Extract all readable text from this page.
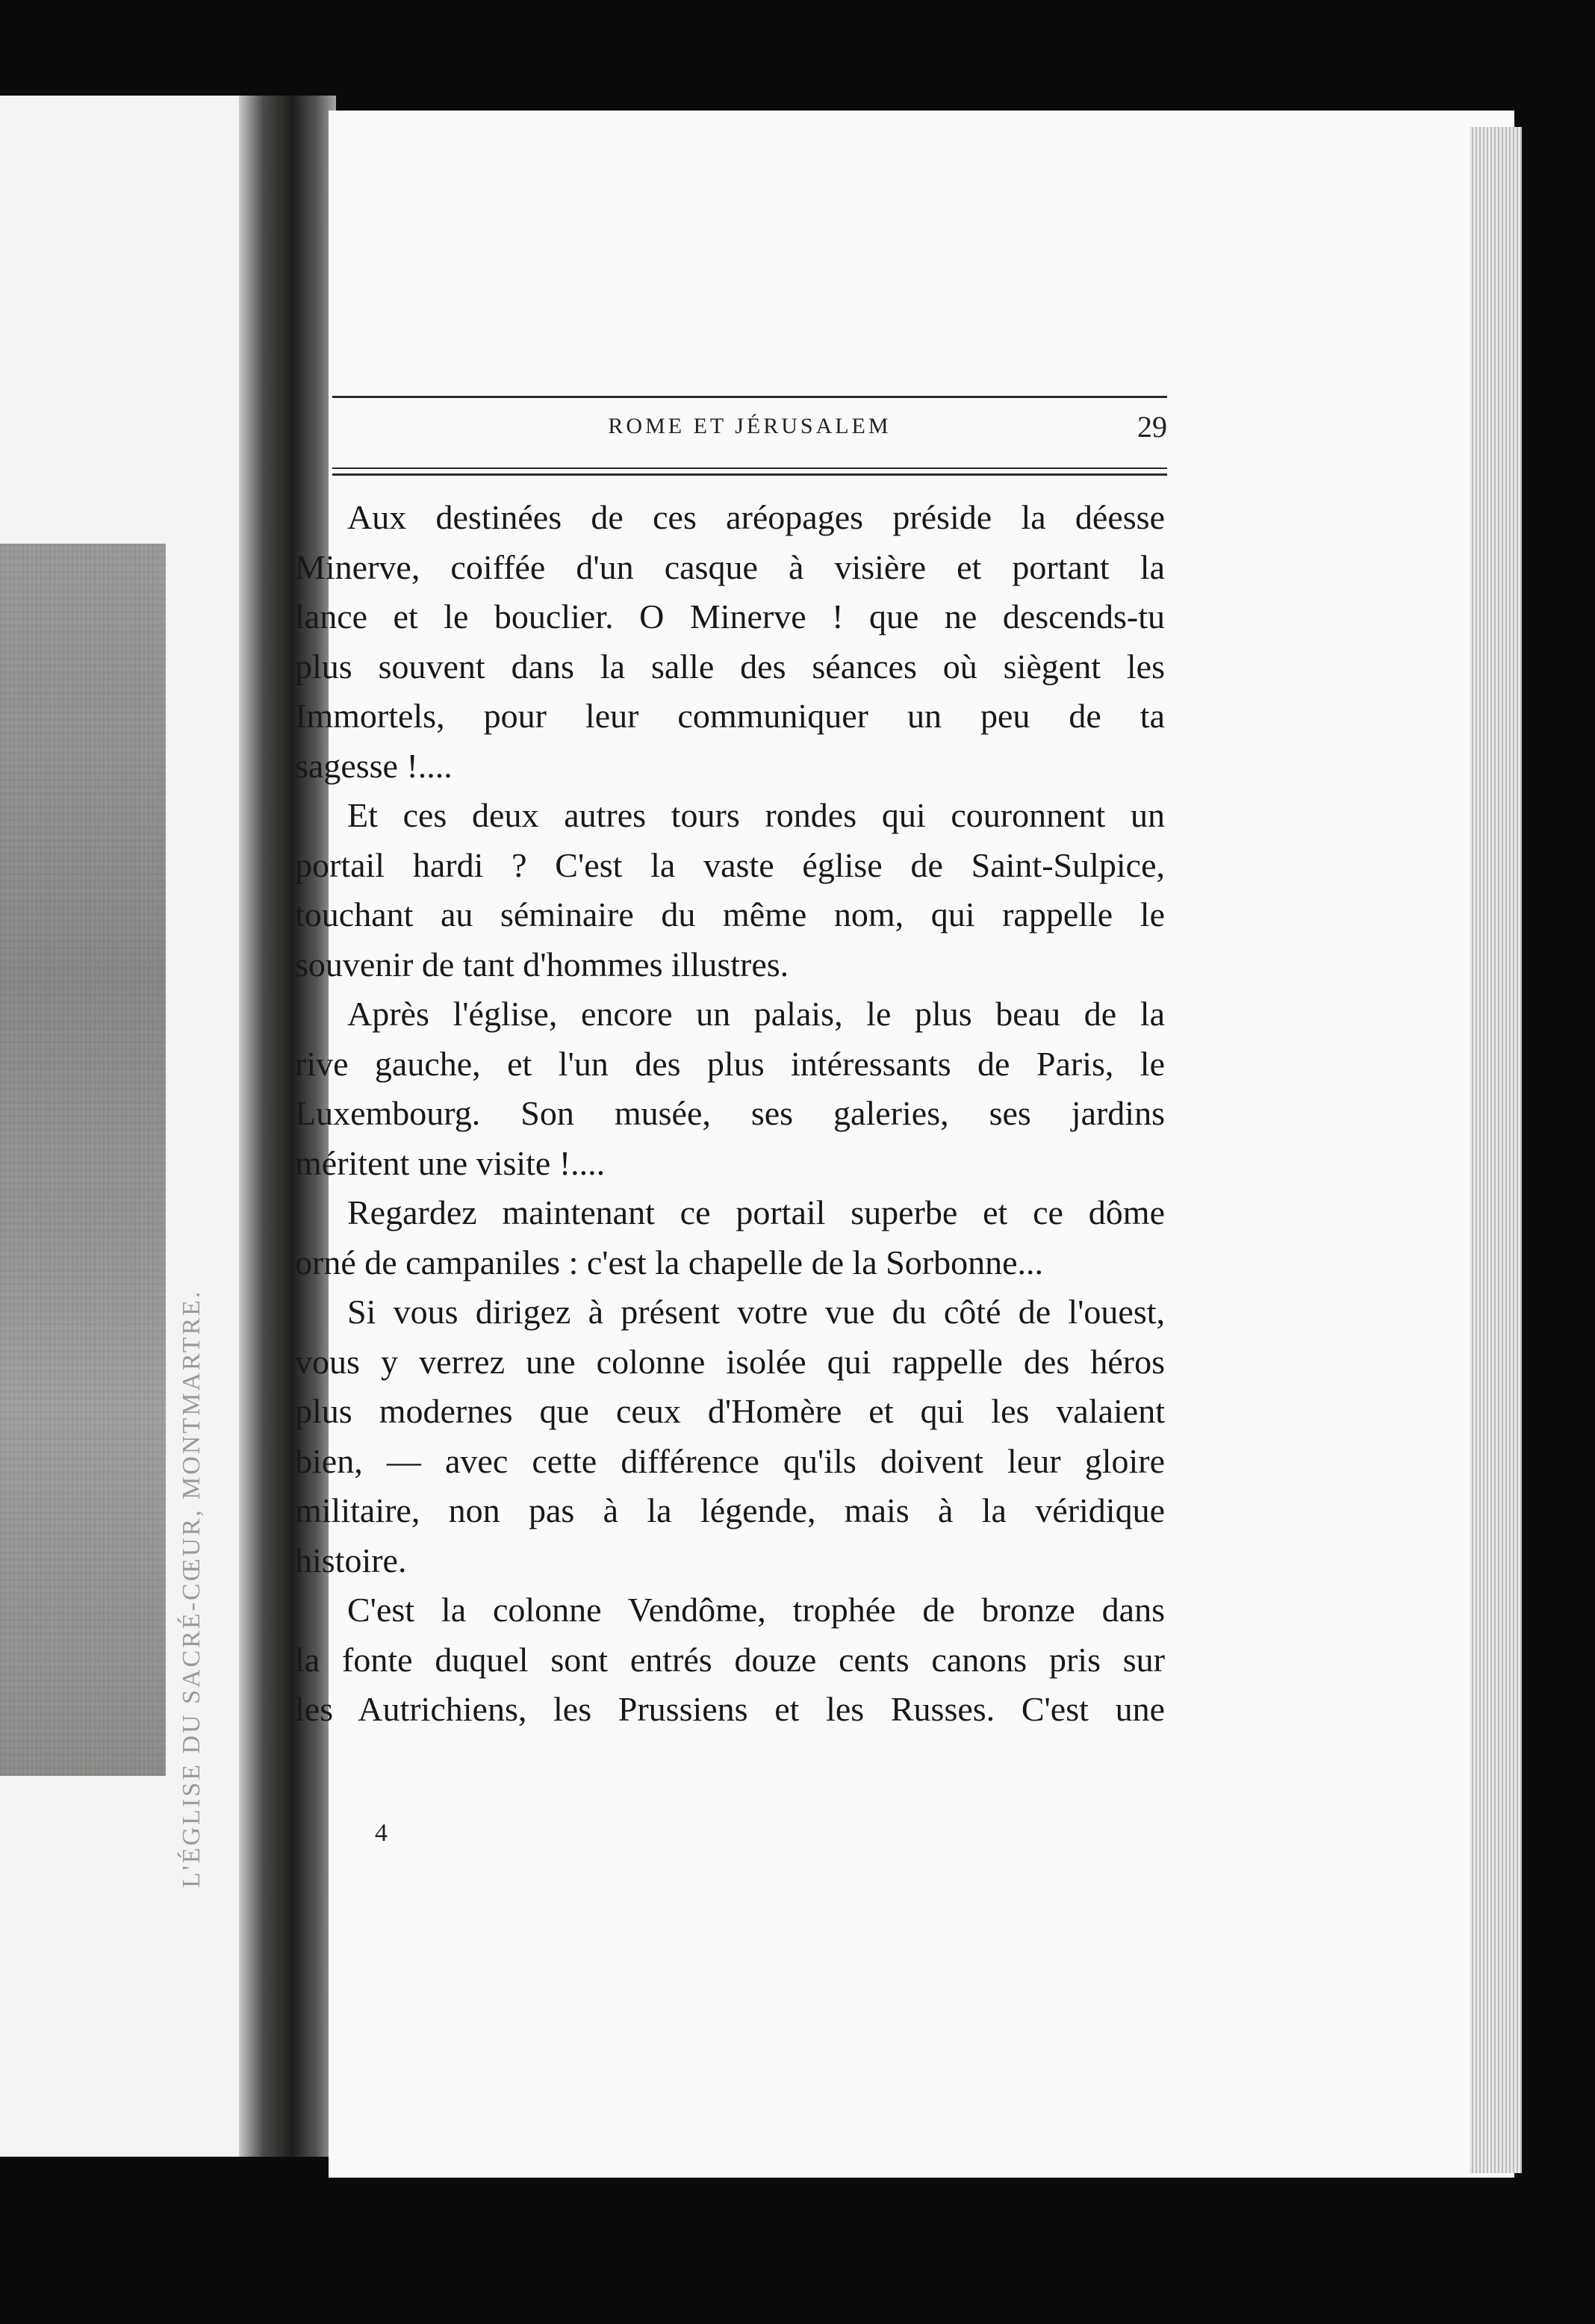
L'ÉGLISE DU SACRÉ-CŒUR, MONTMARTRE.
ROME ET JÉRUSALEM	29
Aux destinées de ces aréopages préside la déesse
Minerve, coiffée d'un casque à visière et portant la
lance et le bouclier. O Minerve ! que ne descends-tu
plus souvent dans la salle des séances où siègent les
Immortels, pour leur communiquer un peu de ta
sagesse !....
Et ces deux autres tours rondes qui couronnent un
portail hardi ? C'est la vaste église de Saint-Sulpice,
touchant au séminaire du même nom, qui rappelle le
souvenir de tant d'hommes illustres.
Après l'église, encore un palais, le plus beau de la
rive gauche, et l'un des plus intéressants de Paris, le
Luxembourg. Son musée, ses galeries, ses jardins
méritent une visite !....
Regardez maintenant ce portail superbe et ce dôme
orné de campaniles : c'est la chapelle de la Sorbonne...
Si vous dirigez à présent votre vue du côté de l'ouest,
vous y verrez une colonne isolée qui rappelle des héros
plus modernes que ceux d'Homère et qui les valaient
bien, — avec cette différence qu'ils doivent leur gloire
militaire, non pas à la légende, mais à la véridique
histoire.
C'est la colonne Vendôme, trophée de bronze dans
la fonte duquel sont entrés douze cents canons pris sur
les Autrichiens, les Prussiens et les Russes. C'est une
4
